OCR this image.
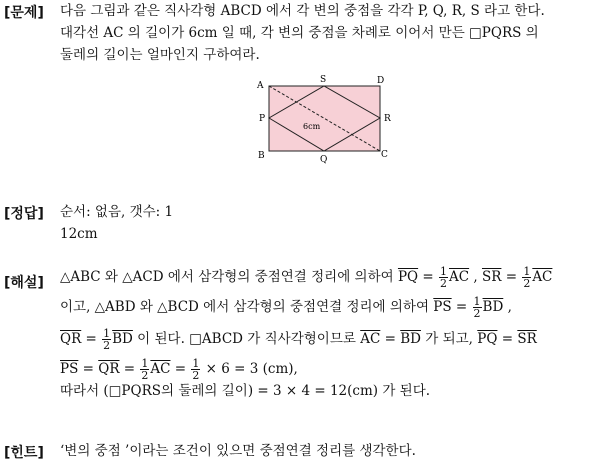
[문제] 다음 그림과 같은 직사각형 ABCD 에서 각 변의 중점을 각각 P, Q, R, S 라고 한다.
대각선 AC 의 길이가 6cm 일 때, 각 변의 중점을 차례로 이어서 만든 □PQRS 의
둘레의 길이는 얼마인지 구하여라.
A
S	D
P	R
B	Q	C
6cm
[정답] 순서: 없음, 갯수: 1
12cm
[해설] △ABC 와 △ACD 에서 삼각형의 중점연결 정리에 의하여 $\overline{PQ} = \frac{1}{2} \overline{AC}$ , $\overline{SR} = \frac{1}{2} \overline{AC}$
이고, △ABD 와 △BCD 에서 삼각형의 중점연결 정리에 의하여 $\overline{PS} = \frac{1}{2} \overline{BD}$ ,
$\overline{QR} = \frac{1}{2} \overline{BD}$ 이 된다. □ABCD 가 직사각형이므로 $\overline{AC} = \overline{BD}$ 가 되고, $\overline{PQ} = \overline{SR}$
$\overline{PS} = \overline{QR} = \frac{1}{2} \overline{AC} = \frac{1}{2} \times 6 = 3$ (cm),
따라서 (□PQRS의 둘레의 길이) = 3 × 4 = 12(cm) 가 된다.
[힌트] ‘변의 중점 ’이라는 조건이 있으면 중점연결 정리를 생각한다.
